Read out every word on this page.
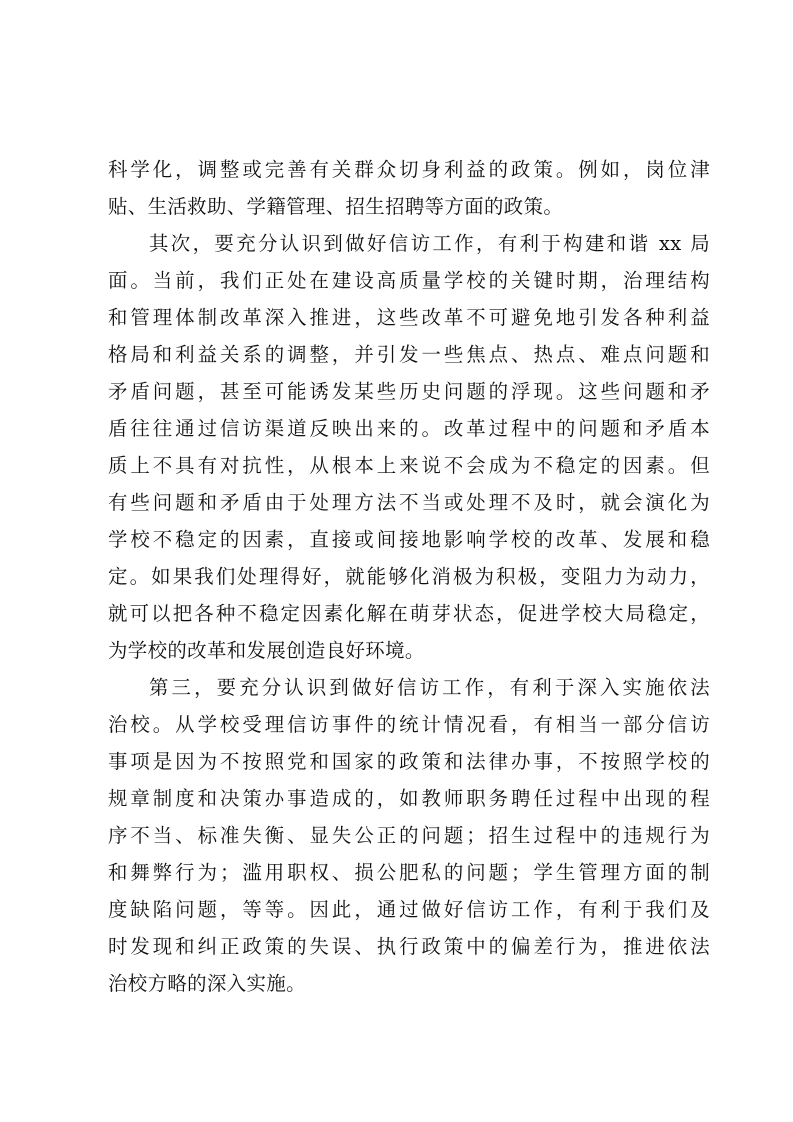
科学化，调整或完善有关群众切身利益的政策。例如，岗位津
贴、生活救助、学籍管理、招生招聘等方面的政策。
其次，要充分认识到做好信访工作，有利于构建和谐 xx 局
面。当前，我们正处在建设高质量学校的关键时期，治理结构
和管理体制改革深入推进，这些改革不可避免地引发各种利益
格局和利益关系的调整，并引发一些焦点、热点、难点问题和
矛盾问题，甚至可能诱发某些历史问题的浮现。这些问题和矛
盾往往通过信访渠道反映出来的。改革过程中的问题和矛盾本
质上不具有对抗性，从根本上来说不会成为不稳定的因素。但
有些问题和矛盾由于处理方法不当或处理不及时，就会演化为
学校不稳定的因素，直接或间接地影响学校的改革、发展和稳
定。如果我们处理得好，就能够化消极为积极，变阻力为动力，
就可以把各种不稳定因素化解在萌芽状态，促进学校大局稳定，
为学校的改革和发展创造良好环境。
第三，要充分认识到做好信访工作，有利于深入实施依法
治校。从学校受理信访事件的统计情况看，有相当一部分信访
事项是因为不按照党和国家的政策和法律办事，不按照学校的
规章制度和决策办事造成的，如教师职务聘任过程中出现的程
序不当、标准失衡、显失公正的问题；招生过程中的违规行为
和舞弊行为；滥用职权、损公肥私的问题；学生管理方面的制
度缺陷问题，等等。因此，通过做好信访工作，有利于我们及
时发现和纠正政策的失误、执行政策中的偏差行为，推进依法
治校方略的深入实施。
